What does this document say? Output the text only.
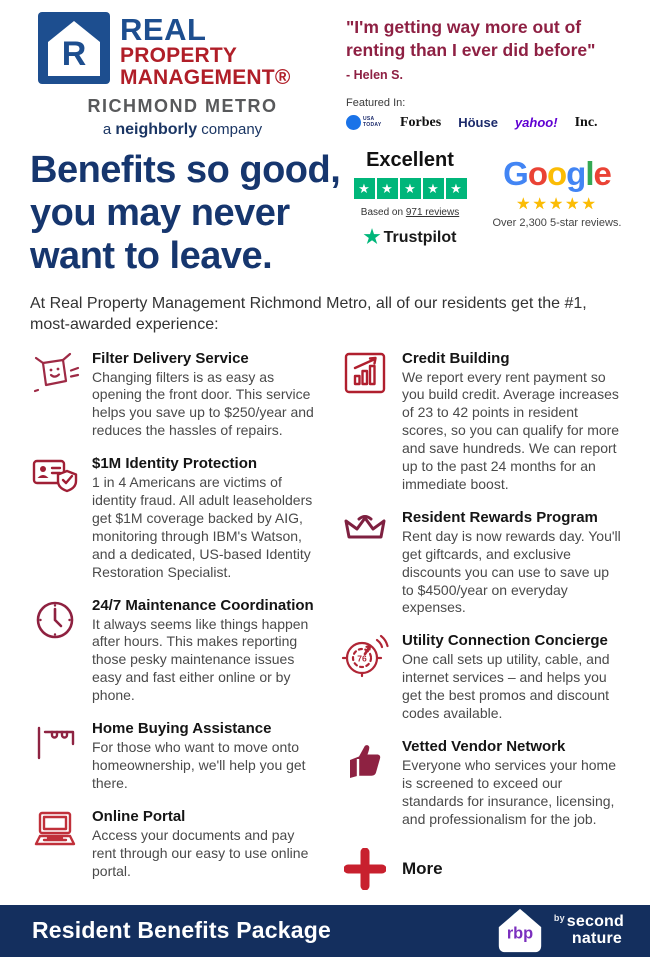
R
REAL
PROPERTY
MANAGEMENT®
RICHMOND METRO
a neighborly company
"I'm getting way more out of renting than I ever did before"
- Helen S.
Featured In:
USA TODAY Forbes Höuse yahoo! Inc.
Benefits so good, you may never want to leave.
Excellent
★
★
★
★
★
Based on 971 reviews
★
Trustpilot
Google
★★★★★
Over 2,300 5-star reviews.

At Real Property Management Richmond Metro, all of our residents get the #1, most-awarded experience:

Filter Delivery Service
Changing filters is as easy as opening the front door. This service helps you save up to $250/year and reduces the hassles of repairs.
$1M Identity Protection
1 in 4 Americans are victims of identity fraud. All adult leaseholders get $1M coverage backed by AIG, monitoring through IBM's Watson, and a dedicated, US-based Identity Restoration Specialist.
24/7 Maintenance Coordination
It always seems like things happen after hours. This makes reporting those pesky maintenance issues easy and fast either online or by phone.
Home Buying Assistance
For those who want to move onto homeownership, we'll help you get there.
Online Portal
Access your documents and pay rent through our easy to use online portal.
Credit Building
We report every rent payment so you build credit. Average increases of 23 to 42 points in resident scores, so you can qualify for more and save hundreds. We can report up to the past 24 months for an immediate boost.
Resident Rewards Program
Rent day is now rewards day. You'll get giftcards, and exclusive discounts you can use to save up to $4500/year on everyday expenses.
76
Utility Connection Concierge
One call sets up utility, cable, and internet services – and helps you get the best promos and discount codes available.
Vetted Vendor Network
Everyone who services your home is screened to exceed our standards for insurance, licensing, and professionalism for the job.
More
Resident Benefits Package	rbp
$^{by}$ second
nature
